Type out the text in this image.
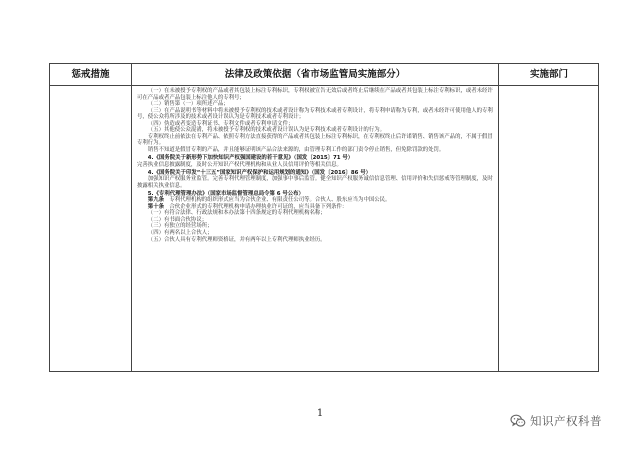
惩戒措施	法律及政策依据（省市场监管局实施部分）	实施部门

（一）在未被授予专利权的产品或者其包装上标注专利标识，专利权被宣告无效后或者终止后继续在产品或者其包装上标注专利标识，或者未经许可在产品或者产品包装上标注他人的专利号；

（二）销售第（一）项所述产品；

（三）在产品说明书等材料中将未被授予专利权的技术或者设计称为专利技术或者专利设计，将专利申请称为专利，或者未经许可使用他人的专利号，使公众将所涉及的技术或者设计误认为是专利技术或者专利设计；

（四）伪造或者变造专利证书、专利文件或者专利申请文件；

（五）其他使公众混淆，将未被授予专利权的技术或者设计误认为是专利技术或者专利设计的行为。

专利权终止前依法在专利产品、依照专利方法直接获得的产品或者其包装上标注专利标识，在专利权终止后许诺销售、销售该产品的，不属于假冒专利行为。

销售不知道是假冒专利的产品，并且能够证明该产品合法来源的，由管理专利工作的部门责令停止销售，但免除罚款的处罚。

4.《国务院关于新形势下加快知识产权强国建设的若干意见》（国发〔2015〕71 号）

完善执业信息披露制度，及时公开知识产权代理机构和从业人员信用评价等相关信息。

4.《国务院关于印发“十三五”国家知识产权保护和运用规划的通知》（国发〔2016〕86 号）

加强知识产权服务业监管。完善专利代理管理制度，加强事中事后监管。健全知识产权服务诚信信息管理、信用评价和失信惩戒等管理制度，及时披露相关执业信息。

5.《专利代理管理办法》（国家市场监督管理总局令第 6 号公布）

第九条  专利代理机构的组织形式应当为合伙企业、有限责任公司等。合伙人、股东应当为中国公民。

第十条  合伙企业形式的专利代理机构申请办理执业许可证的，应当具备下列条件：

（一）有符合法律、行政法规和本办法第十四条规定的专利代理机构名称；

（二）有书面合伙协议；

（三）有独立的经营场所；

（四）有两名以上合伙人；

（五）合伙人具有专利代理师资格证，并有两年以上专利代理师执业经历。

1
知识产权科普
